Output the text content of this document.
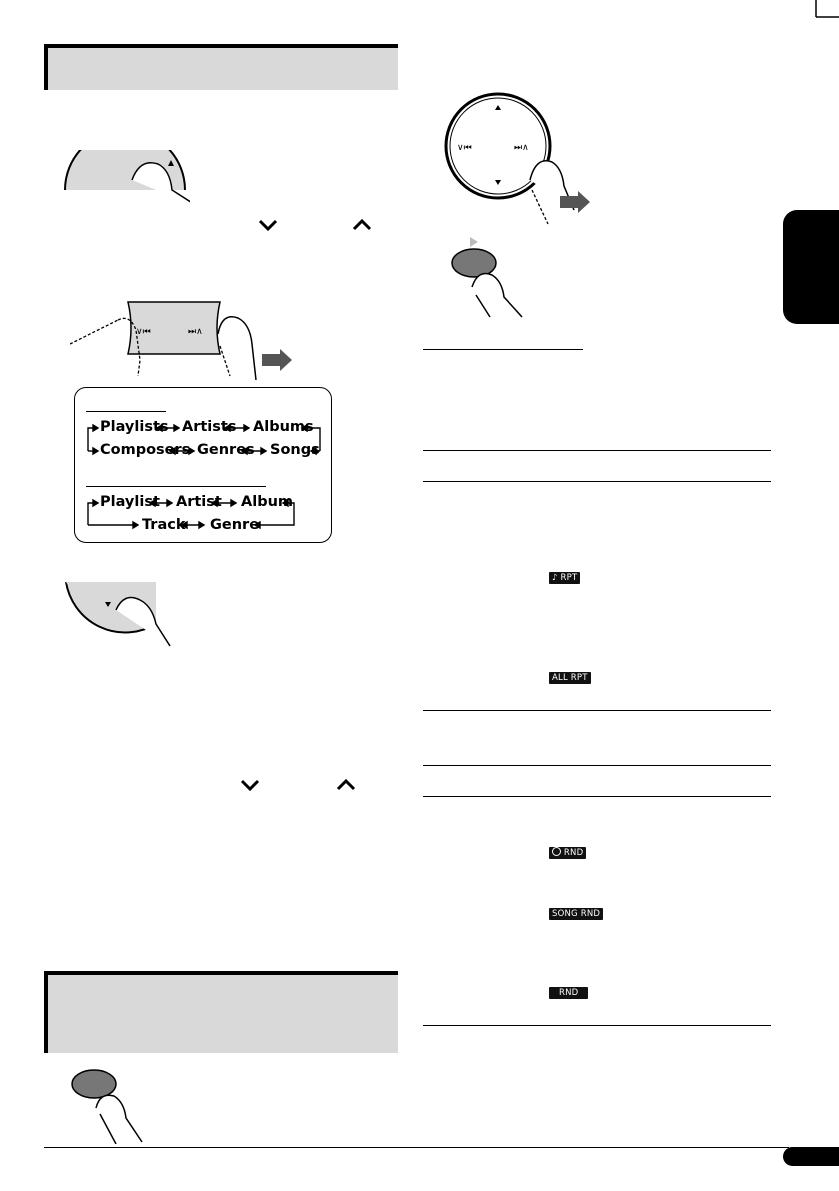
∨⏮	⏭∧
Playlists Artists Albums
Composers Genres Songs
Playlist Artist Album
Track Genre
∨⏮	⏭∧
♪ RPT
ALL RPT
RND
SONG RND
RND
